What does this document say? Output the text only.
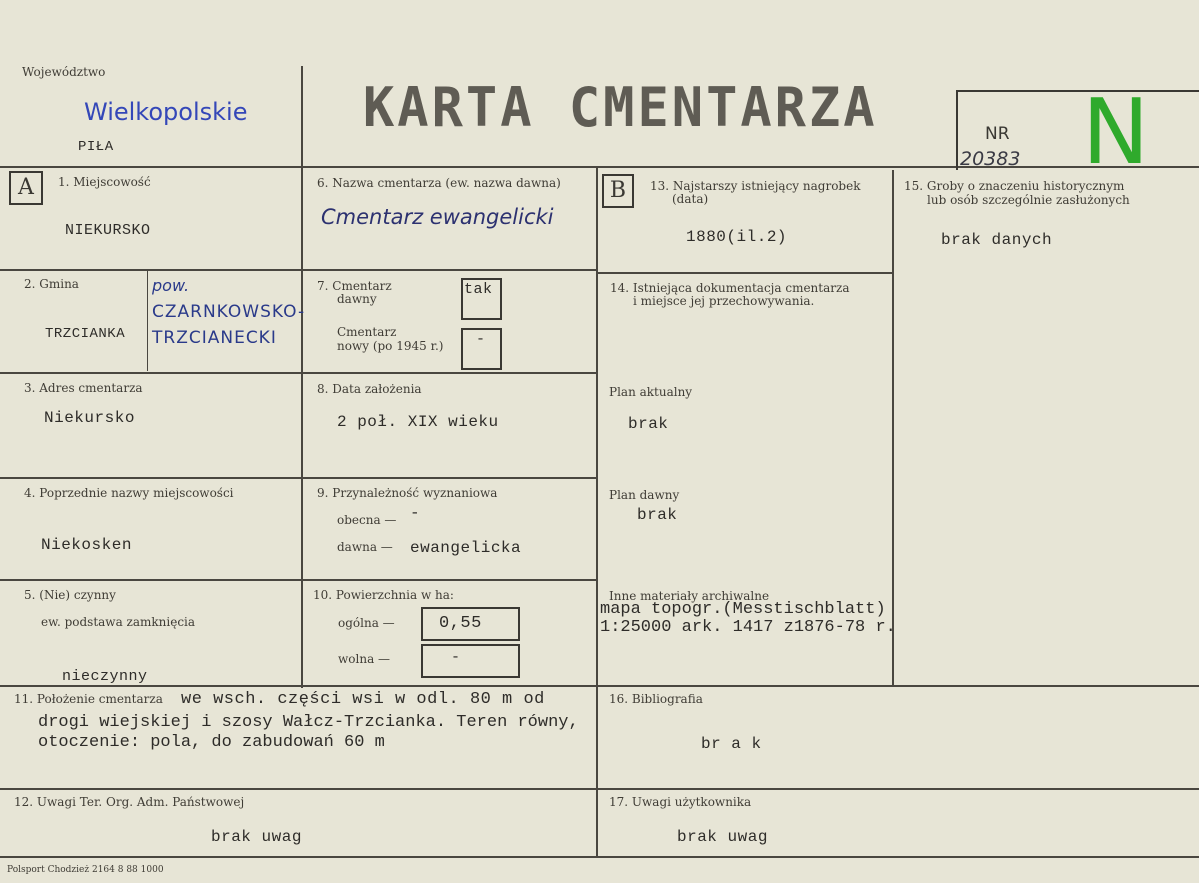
Województwo
Wielkopolskie
PIŁA
KARTA CMENTARZA	NR
20383 N
A	1. Miejscowość
NIEKURSKO
2. Gmina
TRZCIANKA
pow.
CZARNKOWSKO-
TRZCIANECKI
3. Adres cmentarza
Niekursko
4. Poprzednie nazwy miejscowości
Niekosken
5. (Nie) czynny
ew. podstawa zamknięcia
nieczynny
6. Nazwa cmentarza (ew. nazwa dawna)
Cmentarz ewangelicki
7. Cmentarz
dawny
tak
Cmentarz
nowy (po 1945 r.) -
8. Data założenia
2 poł. XIX wieku
9. Przynależność wyznaniowa
obecna — -
dawna — ewangelicka
10. Powierzchnia w ha:
ogólna —	0,55
wolna —	-
B	13. Najstarszy istniejący nagrobek
(data)
1880(il.2)
14. Istniejąca dokumentacja cmentarza
i miejsce jej przechowywania.
Plan aktualny
brak
Plan dawny
brak
Inne materiały archiwalne
mapa topogr.(Messtischblatt)
1:25000 ark. 1417 z1876-78 r.
15. Groby o znaczeniu historycznym
lub osób szczególnie zasłużonych
brak danych
11. Położenie cmentarza we wsch. części wsi w odl. 80 m od
drogi wiejskiej i szosy Wałcz-Trzcianka. Teren równy,
otoczenie: pola, do zabudowań 60 m
16. Bibliografia
br a k
12. Uwagi Ter. Org. Adm. Państwowej
brak uwag
17. Uwagi użytkownika
brak uwag
Polsport Chodzież 2164 8 88 1000
